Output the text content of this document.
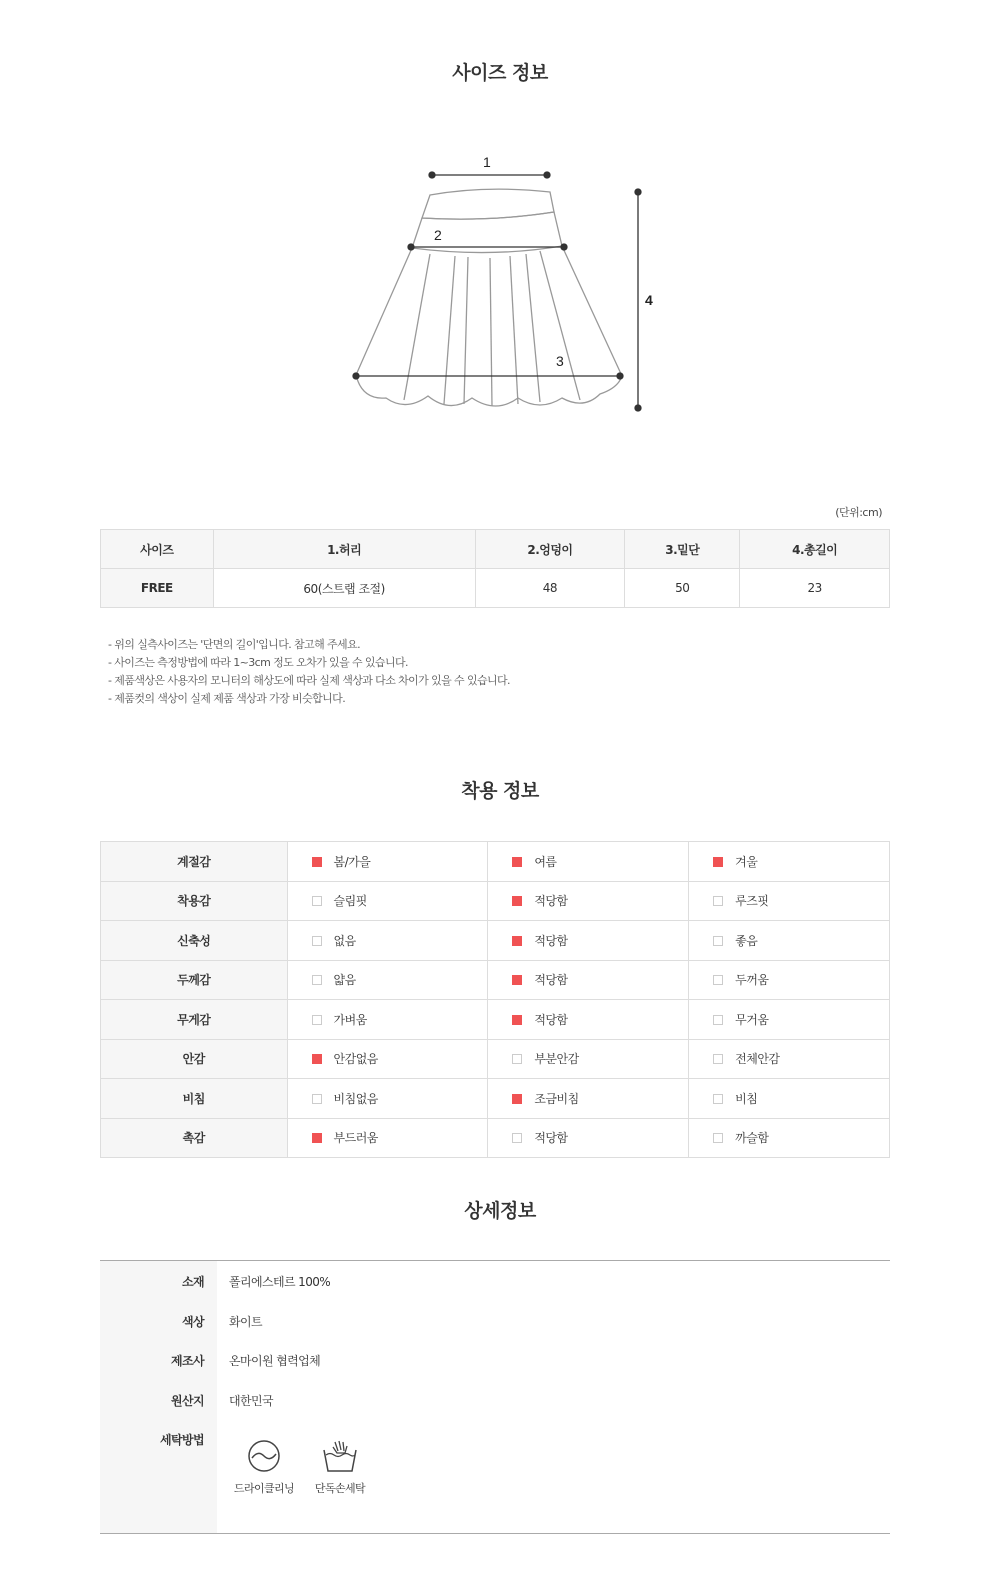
사이즈 정보
1
2
3
4
(단위:cm)
사이즈	1.허리	2.엉덩이	3.밑단	4.총길이
FREE	60(스트랩 조절)	48	50	23
- 위의 실측사이즈는 '단면의 길이'입니다. 참고해 주세요.
- 사이즈는 측정방법에 따라 1~3cm 정도 오차가 있을 수 있습니다.
- 제품색상은 사용자의 모니터의 해상도에 따라 실제 색상과 다소 차이가 있을 수 있습니다.
- 제품컷의 색상이 실제 제품 색상과 가장 비슷합니다.
착용 정보
계절감	봄/가을	여름	겨울
착용감	슬림핏	적당함	루즈핏
신축성	없음	적당함	좋음
두께감	얇음	적당함	두꺼움
무게감	가벼움	적당함	무거움
안감	안감없음	부분안감	전체안감
비침	비침없음	조금비침	비침
촉감	부드러움	적당함	까슬함
상세정보
소재 폴리에스테르 100%
색상 화이트
제조사 온마이원 협력업체
원산지 대한민국
세탁방법
드라이클리닝	단독손세탁
